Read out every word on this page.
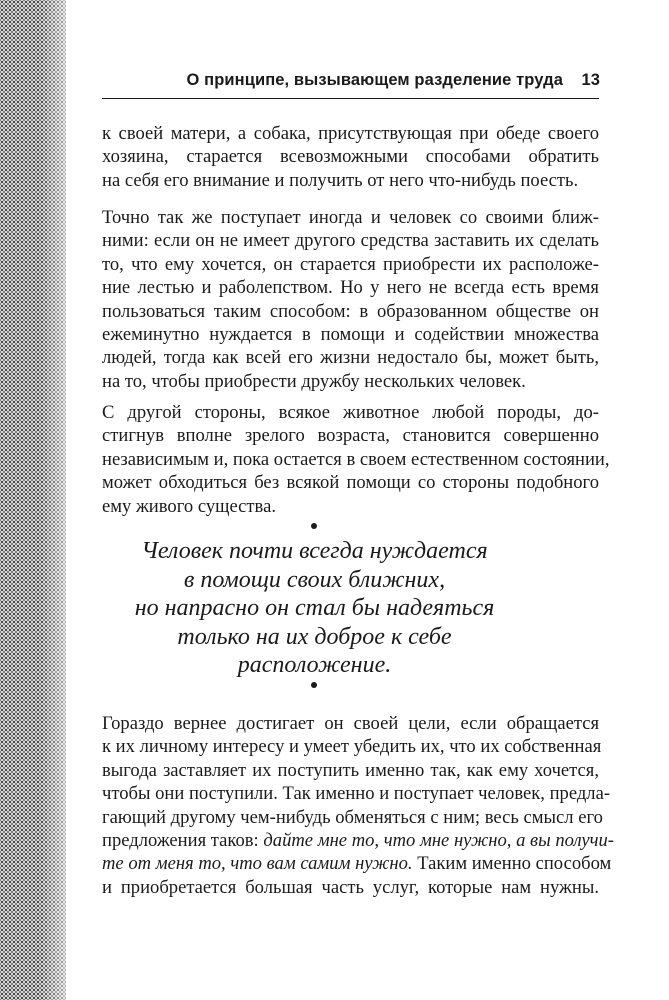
О принципе, вызывающем разделение труда 13
к своей матери, а собака, присутствующая при обеде своего
хозяина, старается всевозможными способами обратить
на себя его внимание и получить от него что-нибудь поесть.
Точно так же поступает иногда и человек со своими ближ-
ними: если он не имеет другого средства заставить их сделать
то, что ему хочется, он старается приобрести их расположе-
ние лестью и раболепством. Но у него не всегда есть время
пользоваться таким способом: в образованном обществе он
ежеминутно нуждается в помощи и содействии множества
людей, тогда как всей его жизни недостало бы, может быть,
на то, чтобы приобрести дружбу нескольких человек.
С другой стороны, всякое животное любой породы, до-
стигнув вполне зрелого возраста, становится совершенно
независимым и, пока остается в своем естественном состоянии,
может обходиться без всякой помощи со стороны подобного
ему живого существа.
Человек почти всегда нуждается
в помощи своих ближних,
но напрасно он стал бы надеяться
только на их доброе к себе
расположение.
Гораздо вернее достигает он своей цели, если обращается
к их личному интересу и умеет убедить их, что их собственная
выгода заставляет их поступить именно так, как ему хочется,
чтобы они поступили. Так именно и поступает человек, предла-
гающий другому чем-нибудь обменяться с ним; весь смысл его
предложения таков: дайте мне то, что мне нужно, а вы получи-
те от меня то, что вам самим нужно. Таким именно способом
и приобретается большая часть услуг, которые нам нужны.
